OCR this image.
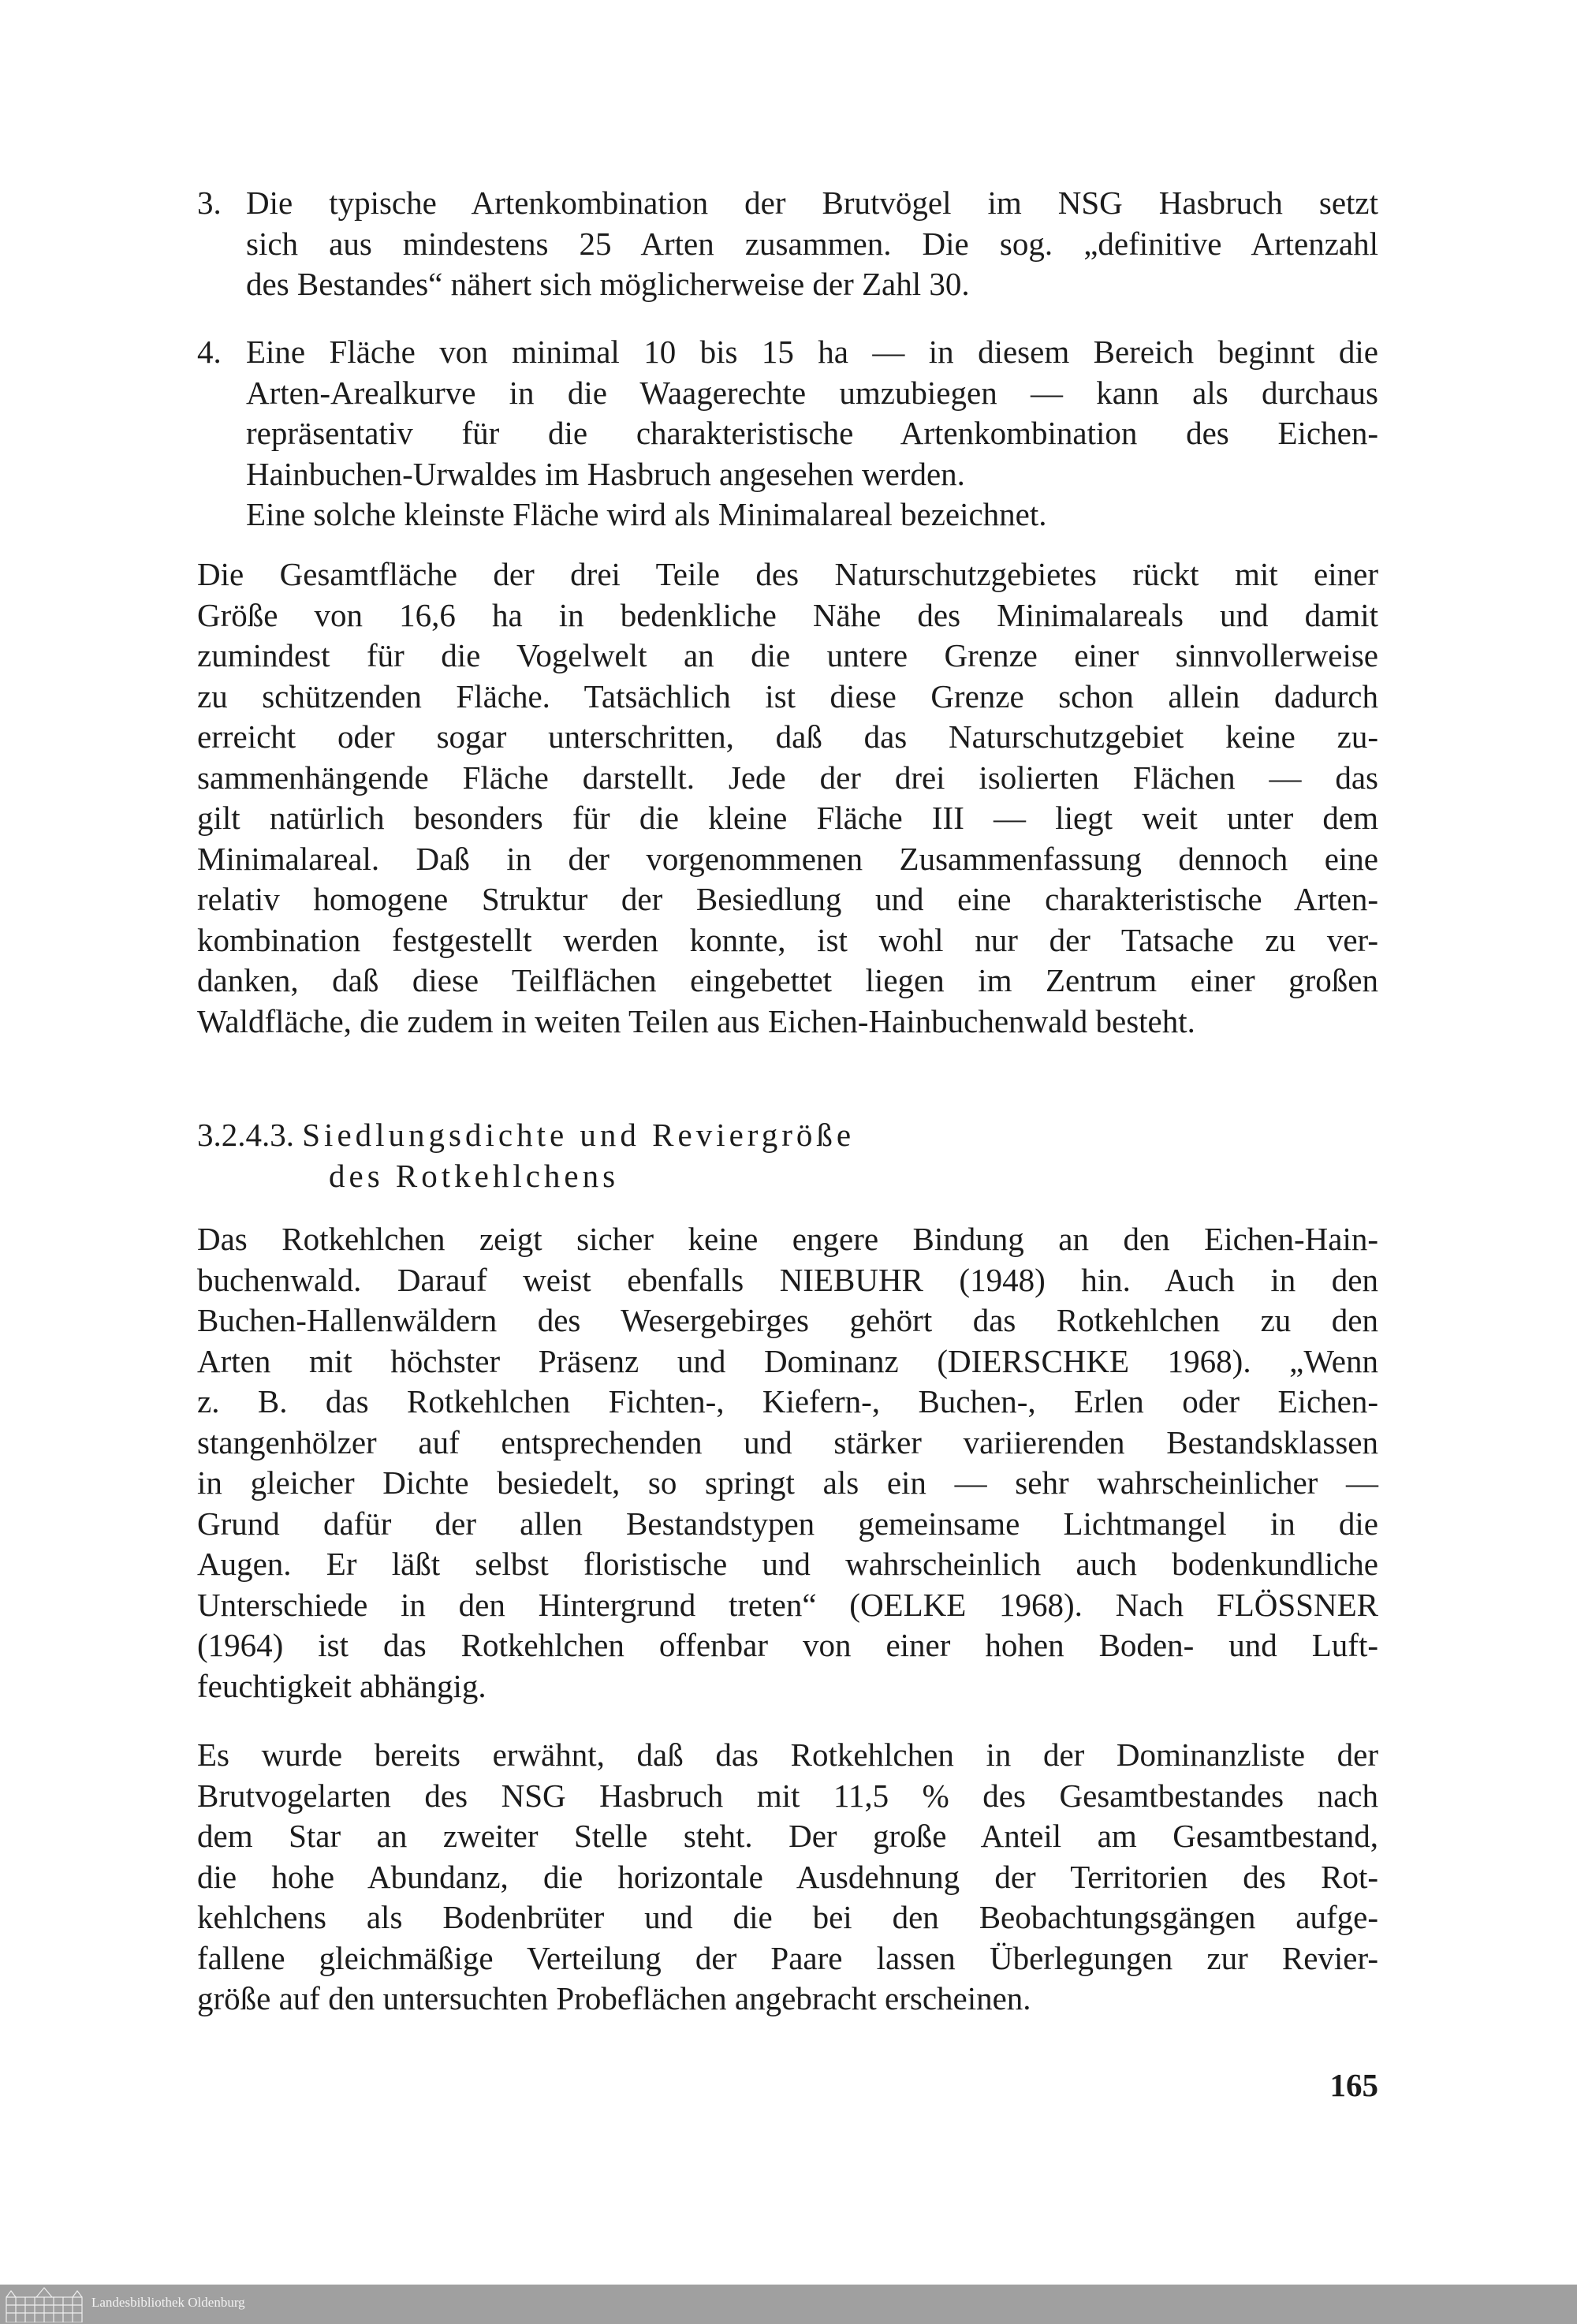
3. Die typische Artenkombination der Brutvögel im NSG Hasbruch setzt
sich aus mindestens 25 Arten zusammen. Die sog. „definitive Artenzahl
des Bestandes“ nähert sich möglicherweise der Zahl 30.
4. Eine Fläche von minimal 10 bis 15 ha — in diesem Bereich beginnt die
Arten-Arealkurve in die Waagerechte umzubiegen — kann als durchaus
repräsentativ für die charakteristische Artenkombination des Eichen-
Hainbuchen-Urwaldes im Hasbruch angesehen werden.
Eine solche kleinste Fläche wird als Minimalareal bezeichnet.
Die Gesamtfläche der drei Teile des Naturschutzgebietes rückt mit einer
Größe von 16,6 ha in bedenkliche Nähe des Minimalareals und damit
zumindest für die Vogelwelt an die untere Grenze einer sinnvollerweise
zu schützenden Fläche. Tatsächlich ist diese Grenze schon allein dadurch
erreicht oder sogar unterschritten, daß das Naturschutzgebiet keine zu-
sammenhängende Fläche darstellt. Jede der drei isolierten Flächen — das
gilt natürlich besonders für die kleine Fläche III — liegt weit unter dem
Minimalareal. Daß in der vorgenommenen Zusammenfassung dennoch eine
relativ homogene Struktur der Besiedlung und eine charakteristische Arten-
kombination festgestellt werden konnte, ist wohl nur der Tatsache zu ver-
danken, daß diese Teilflächen eingebettet liegen im Zentrum einer großen
Waldfläche, die zudem in weiten Teilen aus Eichen-Hainbuchenwald besteht.
3.2.4.3. Siedlungsdichte und Reviergröße
des Rotkehlchens
Das Rotkehlchen zeigt sicher keine engere Bindung an den Eichen-Hain-
buchenwald. Darauf weist ebenfalls NIEBUHR (1948) hin. Auch in den
Buchen-Hallenwäldern des Wesergebirges gehört das Rotkehlchen zu den
Arten mit höchster Präsenz und Dominanz (DIERSCHKE 1968). „Wenn
z. B. das Rotkehlchen Fichten-, Kiefern-, Buchen-, Erlen oder Eichen-
stangenhölzer auf entsprechenden und stärker variierenden Bestandsklassen
in gleicher Dichte besiedelt, so springt als ein — sehr wahrscheinlicher —
Grund dafür der allen Bestandstypen gemeinsame Lichtmangel in die
Augen. Er läßt selbst floristische und wahrscheinlich auch bodenkundliche
Unterschiede in den Hintergrund treten“ (OELKE 1968). Nach FLÖSSNER
(1964) ist das Rotkehlchen offenbar von einer hohen Boden- und Luft-
feuchtigkeit abhängig.
Es wurde bereits erwähnt, daß das Rotkehlchen in der Dominanzliste der
Brutvogelarten des NSG Hasbruch mit 11,5 % des Gesamtbestandes nach
dem Star an zweiter Stelle steht. Der große Anteil am Gesamtbestand,
die hohe Abundanz, die horizontale Ausdehnung der Territorien des Rot-
kehlchens als Bodenbrüter und die bei den Beobachtungsgängen aufge-
fallene gleichmäßige Verteilung der Paare lassen Überlegungen zur Revier-
größe auf den untersuchten Probeflächen angebracht erscheinen.
165
Landesbibliothek Oldenburg
